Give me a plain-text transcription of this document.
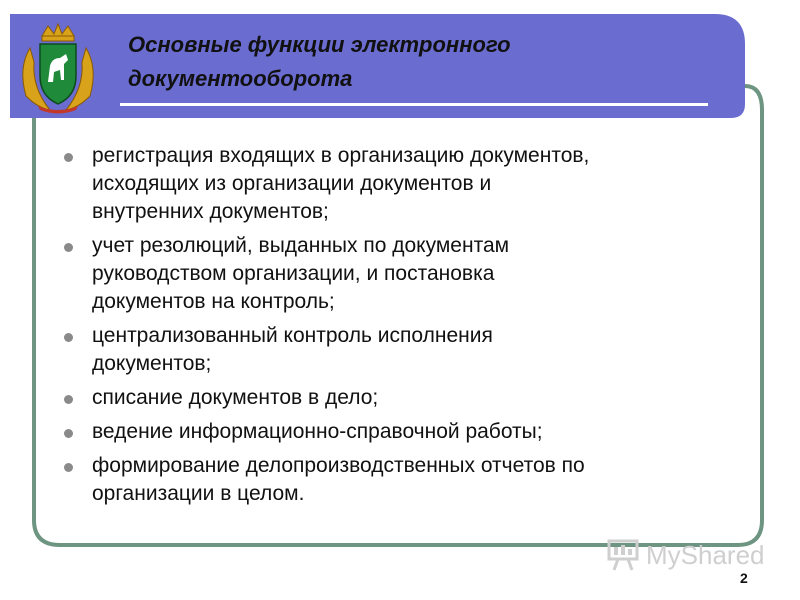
Основные функции электронного
документооборота
регистрация входящих в организацию документов,
исходящих из организации документов и
внутренних документов;
учет резолюций, выданных по документам
руководством организации, и постановка
документов на контроль;
централизованный контроль исполнения
документов;
списание документов в дело;
ведение информационно-справочной работы;
формирование делопроизводственных отчетов по
организации в целом.
MyShared
2
